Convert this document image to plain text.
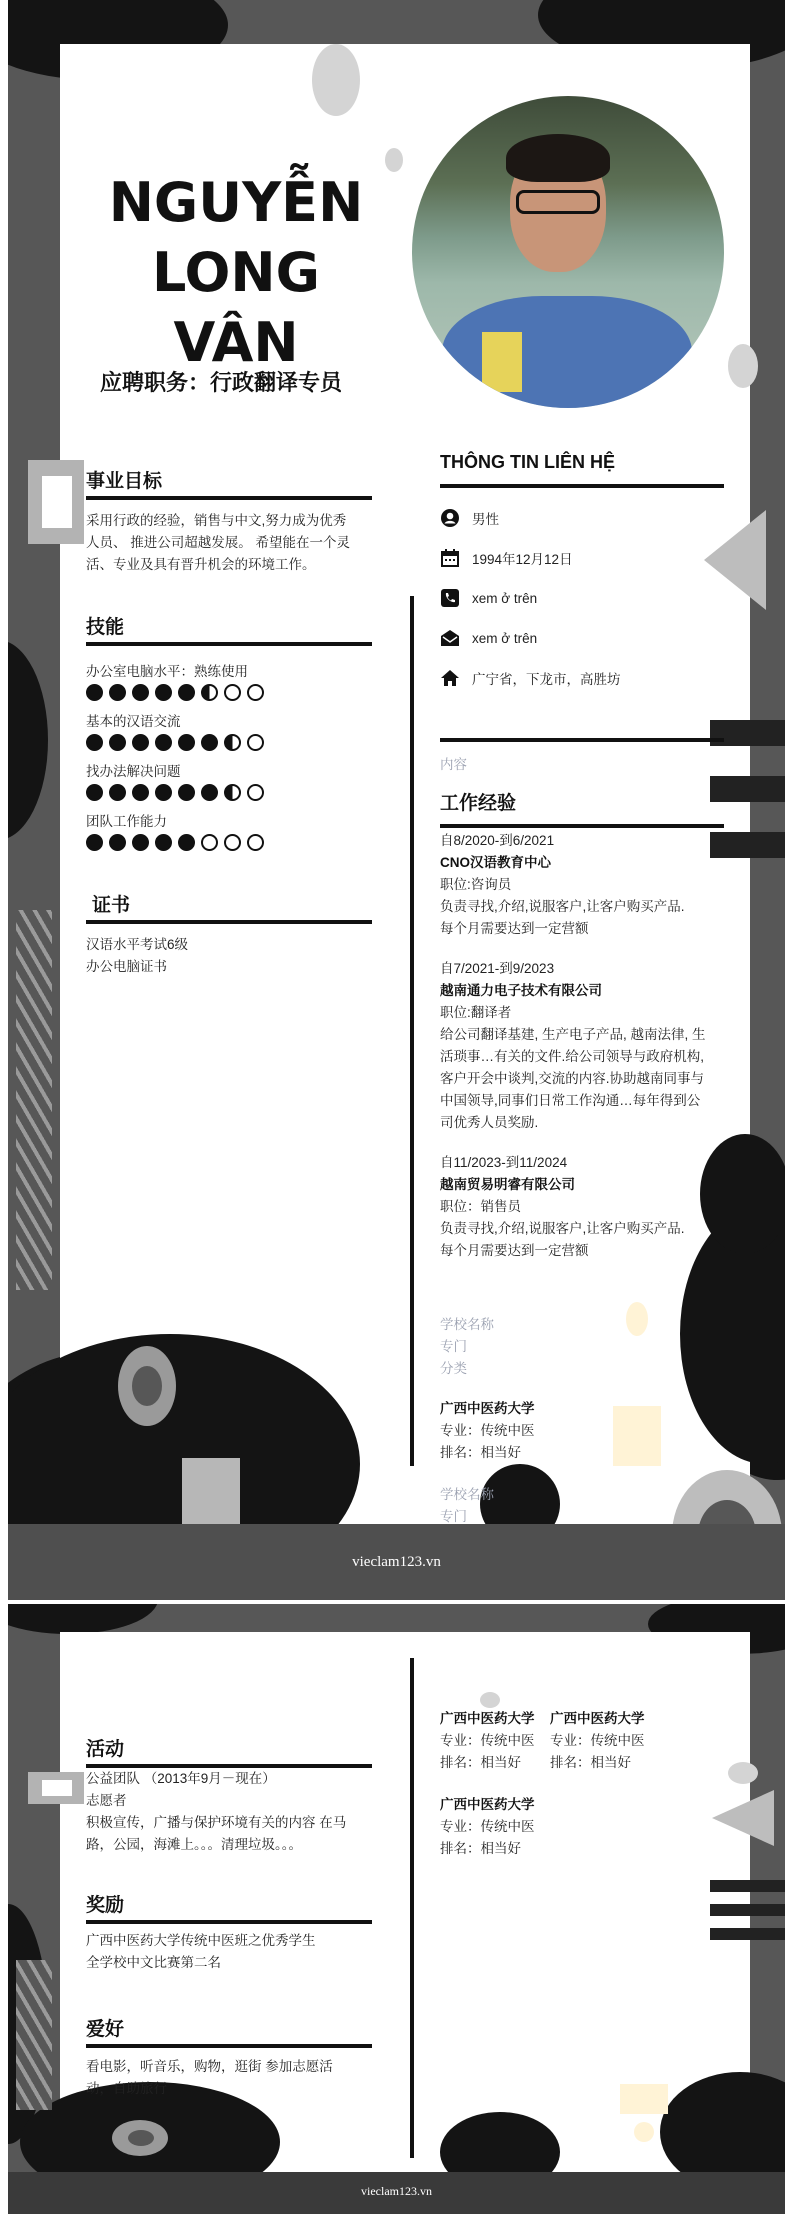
NGUYỄN
LONG VÂN
应聘职务：行政翻译专员
事业目标
采用行政的经验，销售与中文,努力成为优秀
人员、 推进公司超越发展。 希望能在一个灵
活、专业及具有晋升机会的环境工作。
技能
办公室电脑水平：熟练使用
基本的汉语交流
找办法解决问题
团队工作能力
证书
汉语水平考试6级
办公电脑证书
THÔNG TIN LIÊN HỆ
男性
1994年12月12日
xem ở trên
xem ở trên
广宁省，下龙市，高胜坊
内容
工作经验
自8/2020-到6/2021
CNO汉语教育中心
职位:咨询员
负责寻找,介绍,说服客户,让客户购买产品.
每个月需要达到一定营额
自7/2021-到9/2023
越南通力电子技术有限公司
职位:翻译者
给公司翻译基建, 生产电子产品, 越南法律, 生
活琐事…有关的文件.给公司领导与政府机构,
客户开会中谈判,交流的内容.协助越南同事与
中国领导,同事们日常工作沟通…每年得到公
司优秀人员奖励.
自11/2023-到11/2024
越南贸易明睿有限公司
职位：销售员
负责寻找,介绍,说服客户,让客户购买产品.
每个月需要达到一定营额
学校名称
专门
分类
广西中医药大学
专业：传统中医
排名：相当好
学校名称
专门
vieclam123.vn
活动
公益团队 （2013年9月－现在）
志愿者
积极宣传，广播与保护环境有关的内容 在马
路，公园，海滩上。。。清理垃圾。。。
奖励
广西中医药大学传统中医班之优秀学生
全学校中文比赛第二名
爱好
看电影，听音乐，购物，逛街 参加志愿活
动，自助旅行
广西中医药大学
专业：传统中医
排名：相当好
广西中医药大学
专业：传统中医
排名：相当好
广西中医药大学
专业：传统中医
排名：相当好
vieclam123.vn
